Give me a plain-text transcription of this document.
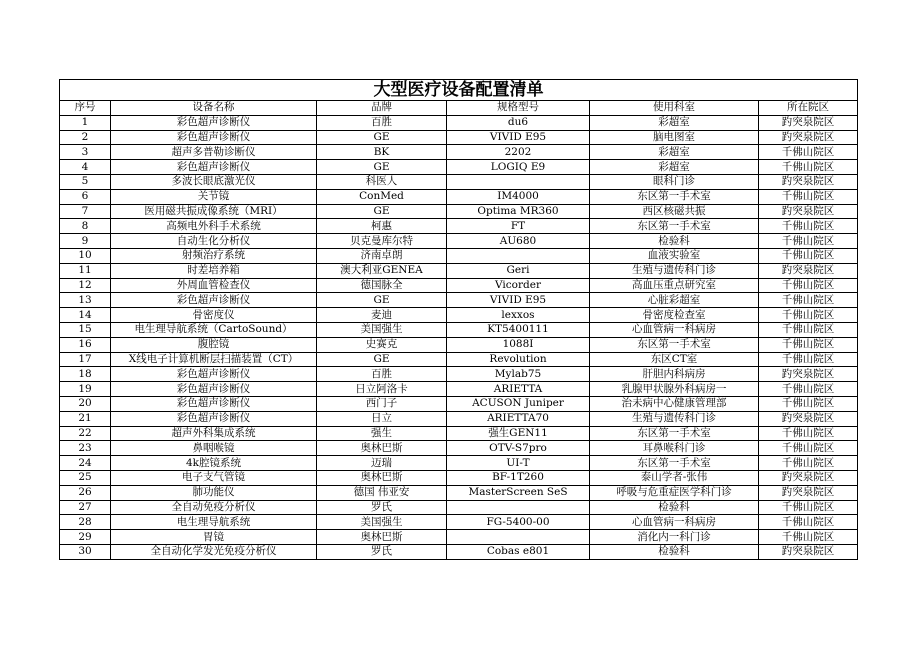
大型医疗设备配置清单					
序号	设备名称	品牌	规格型号	使用科室	所在院区
1	彩色超声诊断仪	百胜	du6	彩超室	趵突泉院区
2	彩色超声诊断仪	GE	VIVID E95	脑电图室	趵突泉院区
3	超声多普勒诊断仪	BK	2202	彩超室	千佛山院区
4	彩色超声诊断仪	GE	LOGIQ E9	彩超室	千佛山院区
5	多波长眼底激光仪	科医人		眼科门诊	趵突泉院区
6	关节镜	ConMed	IM4000	东区第一手术室	千佛山院区
7	医用磁共振成像系统（MRI）	GE	Optima MR360	西区核磁共振	趵突泉院区
8	高频电外科手术系统	柯惠	FT	东区第一手术室	千佛山院区
9	自动生化分析仪	贝克曼库尔特	AU680	检验科	千佛山院区
10	射频治疗系统	济南卓朗		血液实验室	千佛山院区
11	时差培养箱	澳大利亚GENEA	Geri	生殖与遗传科门诊	趵突泉院区
12	外周血管检查仪	德国脉全	Vicorder	高血压重点研究室	千佛山院区
13	彩色超声诊断仪	GE	VIVID E95	心脏彩超室	千佛山院区
14	骨密度仪	麦迪	lexxos	骨密度检查室	千佛山院区
15	电生理导航系统（CartoSound）	美国强生	KT5400111	心血管病一科病房	千佛山院区
16	腹腔镜	史赛克	1088I	东区第一手术室	千佛山院区
17	X线电子计算机断层扫描装置（CT）	GE	Revolution	东区CT室	千佛山院区
18	彩色超声诊断仪	百胜	Mylab75	肝胆内科病房	趵突泉院区
19	彩色超声诊断仪	日立阿洛卡	ARIETTA	乳腺甲状腺外科病房一	千佛山院区
20	彩色超声诊断仪	西门子	ACUSON Juniper	治未病中心健康管理部	千佛山院区
21	彩色超声诊断仪	日立	ARIETTA70	生殖与遗传科门诊	趵突泉院区
22	超声外科集成系统	强生	强生GEN11	东区第一手术室	千佛山院区
23	鼻咽喉镜	奥林巴斯	OTV-S7pro	耳鼻喉科门诊	千佛山院区
24	4k腔镜系统	迈瑞	UI-T	东区第一手术室	千佛山院区
25	电子支气管镜	奥林巴斯	BF-1T260	泰山学者-张伟	趵突泉院区
26	肺功能仪	德国 伟亚安	MasterScreen SeS	呼吸与危重症医学科门诊	趵突泉院区
27	全自动免疫分析仪	罗氏		检验科	千佛山院区
28	电生理导航系统	美国强生	FG-5400-00	心血管病一科病房	千佛山院区
29	胃镜	奥林巴斯		消化内一科门诊	千佛山院区
30	全自动化学发光免疫分析仪	罗氏	Cobas e801	检验科	趵突泉院区
